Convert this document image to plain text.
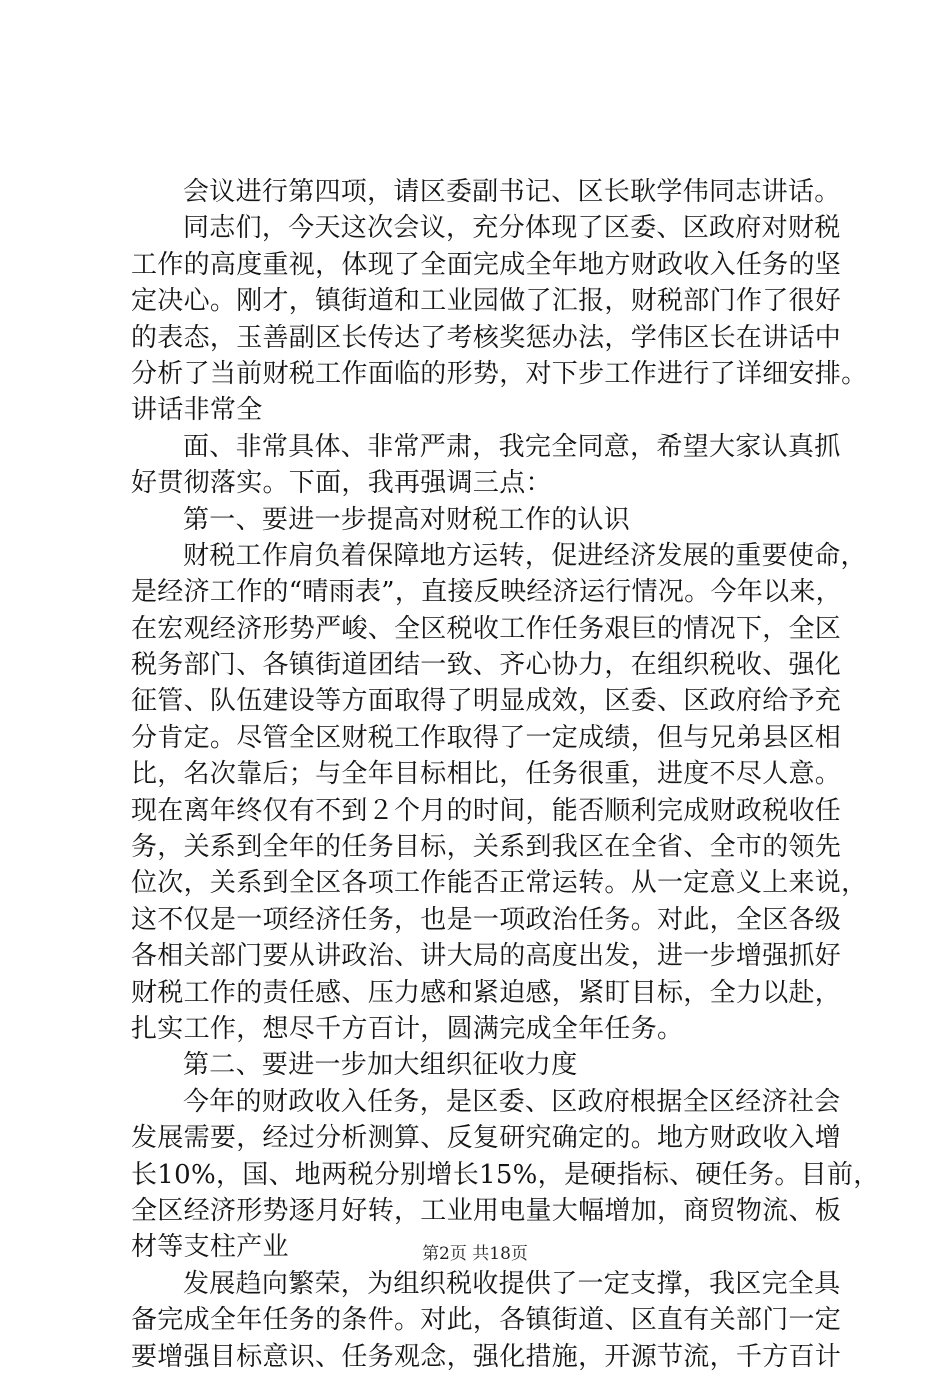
会议进行第四项，请区委副书记、区长耿学伟同志讲话。
同志们，今天这次会议，充分体现了区委、区政府对财税
工作的高度重视，体现了全面完成全年地方财政收入任务的坚
定决心。刚才，镇街道和工业园做了汇报，财税部门作了很好
的表态，玉善副区长传达了考核奖惩办法，学伟区长在讲话中
分析了当前财税工作面临的形势，对下步工作进行了详细安排。
讲话非常全
面、非常具体、非常严肃，我完全同意，希望大家认真抓
好贯彻落实。下面，我再强调三点：
第一、要进一步提高对财税工作的认识
财税工作肩负着保障地方运转，促进经济发展的重要使命，
是经济工作的“晴雨表”，直接反映经济运行情况。今年以来，
在宏观经济形势严峻、全区税收工作任务艰巨的情况下，全区
税务部门、各镇街道团结一致、齐心协力，在组织税收、强化
征管、队伍建设等方面取得了明显成效，区委、区政府给予充
分肯定。尽管全区财税工作取得了一定成绩，但与兄弟县区相
比，名次靠后；与全年目标相比，任务很重，进度不尽人意。
现在离年终仅有不到２个月的时间，能否顺利完成财政税收任
务，关系到全年的任务目标，关系到我区在全省、全市的领先
位次，关系到全区各项工作能否正常运转。从一定意义上来说，
这不仅是一项经济任务，也是一项政治任务。对此，全区各级
各相关部门要从讲政治、讲大局的高度出发，进一步增强抓好
财税工作的责任感、压力感和紧迫感，紧盯目标，全力以赴，
扎实工作，想尽千方百计，圆满完成全年任务。
第二、要进一步加大组织征收力度
今年的财政收入任务，是区委、区政府根据全区经济社会
发展需要，经过分析测算、反复研究确定的。地方财政收入增
长10%，国、地两税分别增长15%，是硬指标、硬任务。目前，
全区经济形势逐月好转，工业用电量大幅增加，商贸物流、板
材等支柱产业
发展趋向繁荣，为组织税收提供了一定支撑，我区完全具
备完成全年任务的条件。对此，各镇街道、区直有关部门一定
要增强目标意识、任务观念，强化措施，开源节流，千方百计
第2页 共18页
